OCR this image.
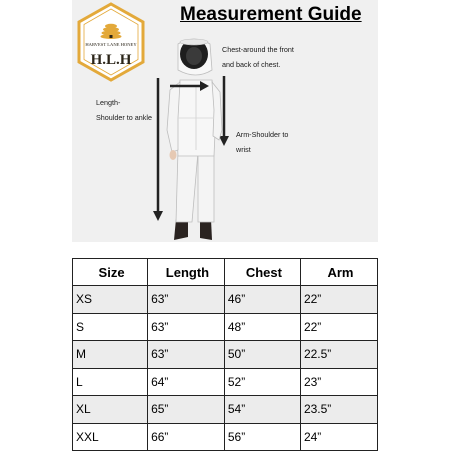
HARVEST LANE HONEY
H.L.H
Measurement Guide
Chest-around the front
and back of chest.
Length-
Shoulder to ankle
Arm-Shoulder to
wrist
Size	Length	Chest	Arm
XS	63”	46”	22”
S	63”	48”	22”
M	63”	50”	22.5”
L	64”	52”	23”
XL	65”	54”	23.5”
XXL	66”	56”	24”
